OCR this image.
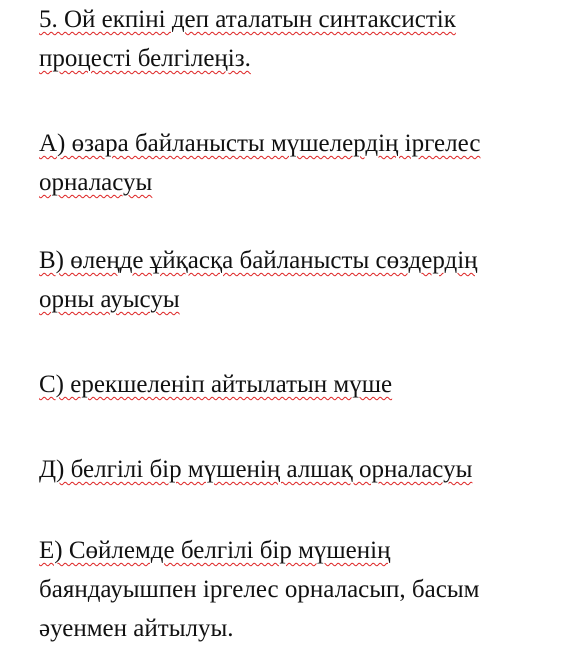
5. Ой екпіні деп аталатын синтаксистік
процесті белгілеңіз.
А) өзара байланысты мүшелердің іргелес
орналасуы
В) өлеңде ұйқасқа байланысты сөздердің
орны ауысуы
С) ерекшеленіп айтылатын мүше
Д) белгілі бір мүшенің алшақ орналасуы
Е) Сөйлемде белгілі бір мүшенің
баяндауышпен іргелес орналасып, басым
әуенмен айтылуы.
